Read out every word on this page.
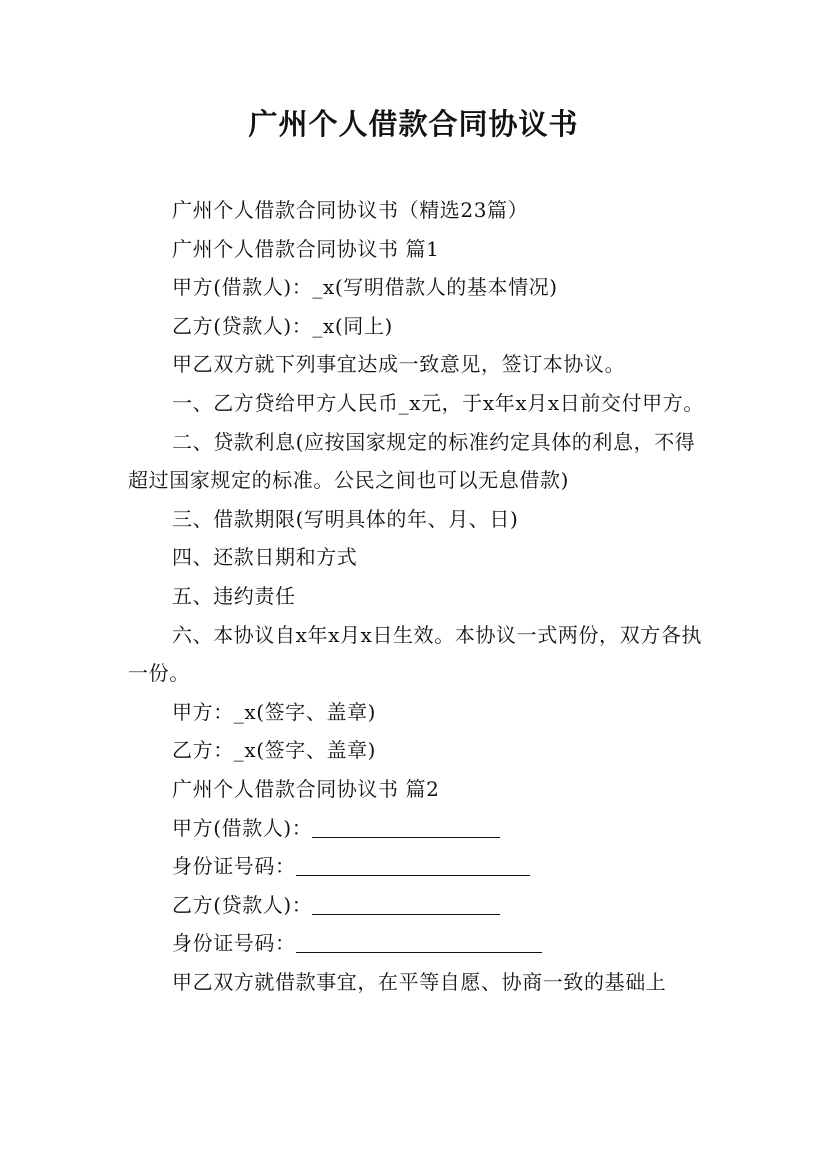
广州个人借款合同协议书

广州个人借款合同协议书（精选23篇）

广州个人借款合同协议书 篇1

甲方(借款人)：_x(写明借款人的基本情况)

乙方(贷款人)：_x(同上)

甲乙双方就下列事宜达成一致意见，签订本协议。

一、乙方贷给甲方人民币_x元，于x年x月x日前交付甲方。

二、贷款利息(应按国家规定的标准约定具体的利息，不得超过国家规定的标准。公民之间也可以无息借款)

三、借款期限(写明具体的年、月、日)

四、还款日期和方式

五、违约责任

六、本协议自x年x月x日生效。本协议一式两份，双方各执一份。

甲方：_x(签字、盖章)

乙方：_x(签字、盖章)

广州个人借款合同协议书 篇2

甲方(借款人)：

身份证号码：

乙方(贷款人)：

身份证号码：

甲乙双方就借款事宜，在平等自愿、协商一致的基础上
